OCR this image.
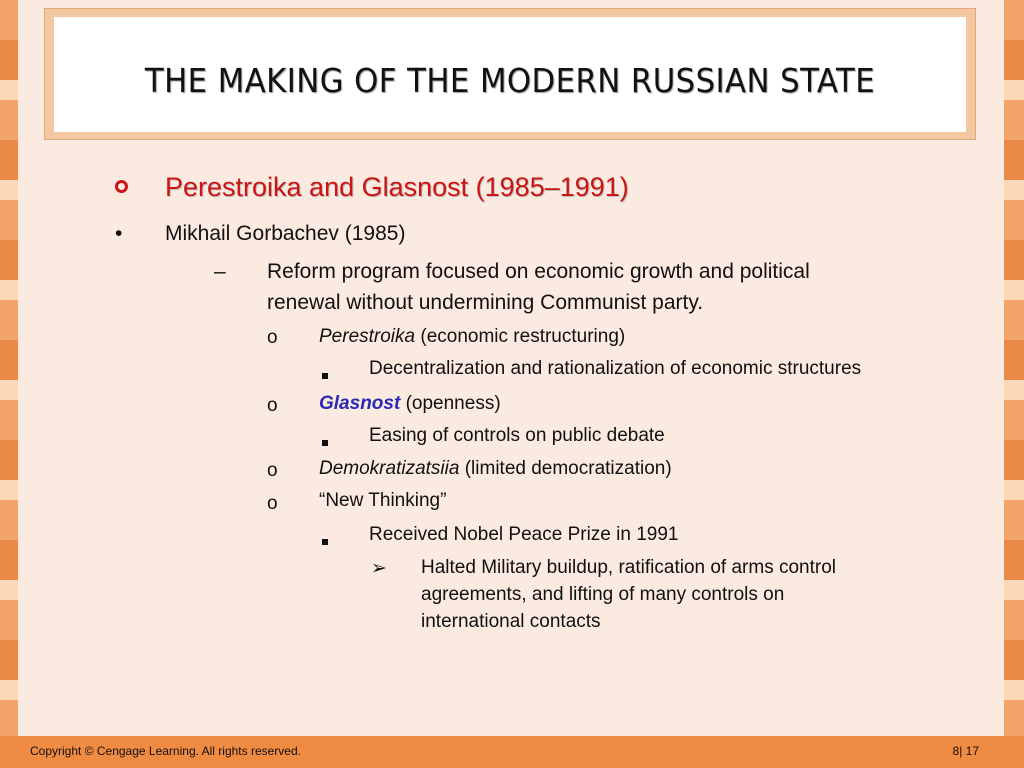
THE MAKING OF THE MODERN RUSSIAN STATE
Perestroika and Glasnost (1985–1991)
• Mikhail Gorbachev (1985)
– Reform program focused on economic growth and political
renewal without undermining Communist party.
o Perestroika (economic restructuring)
Decentralization and rationalization of economic structures
o Glasnost (openness)
Easing of controls on public debate
o Demokratizatsiia (limited democratization)
o “New Thinking”
Received Nobel Peace Prize in 1991
➢ Halted Military buildup, ratification of arms control
agreements, and lifting of many controls on
international contacts
Copyright © Cengage Learning. All rights reserved.	8| 17
